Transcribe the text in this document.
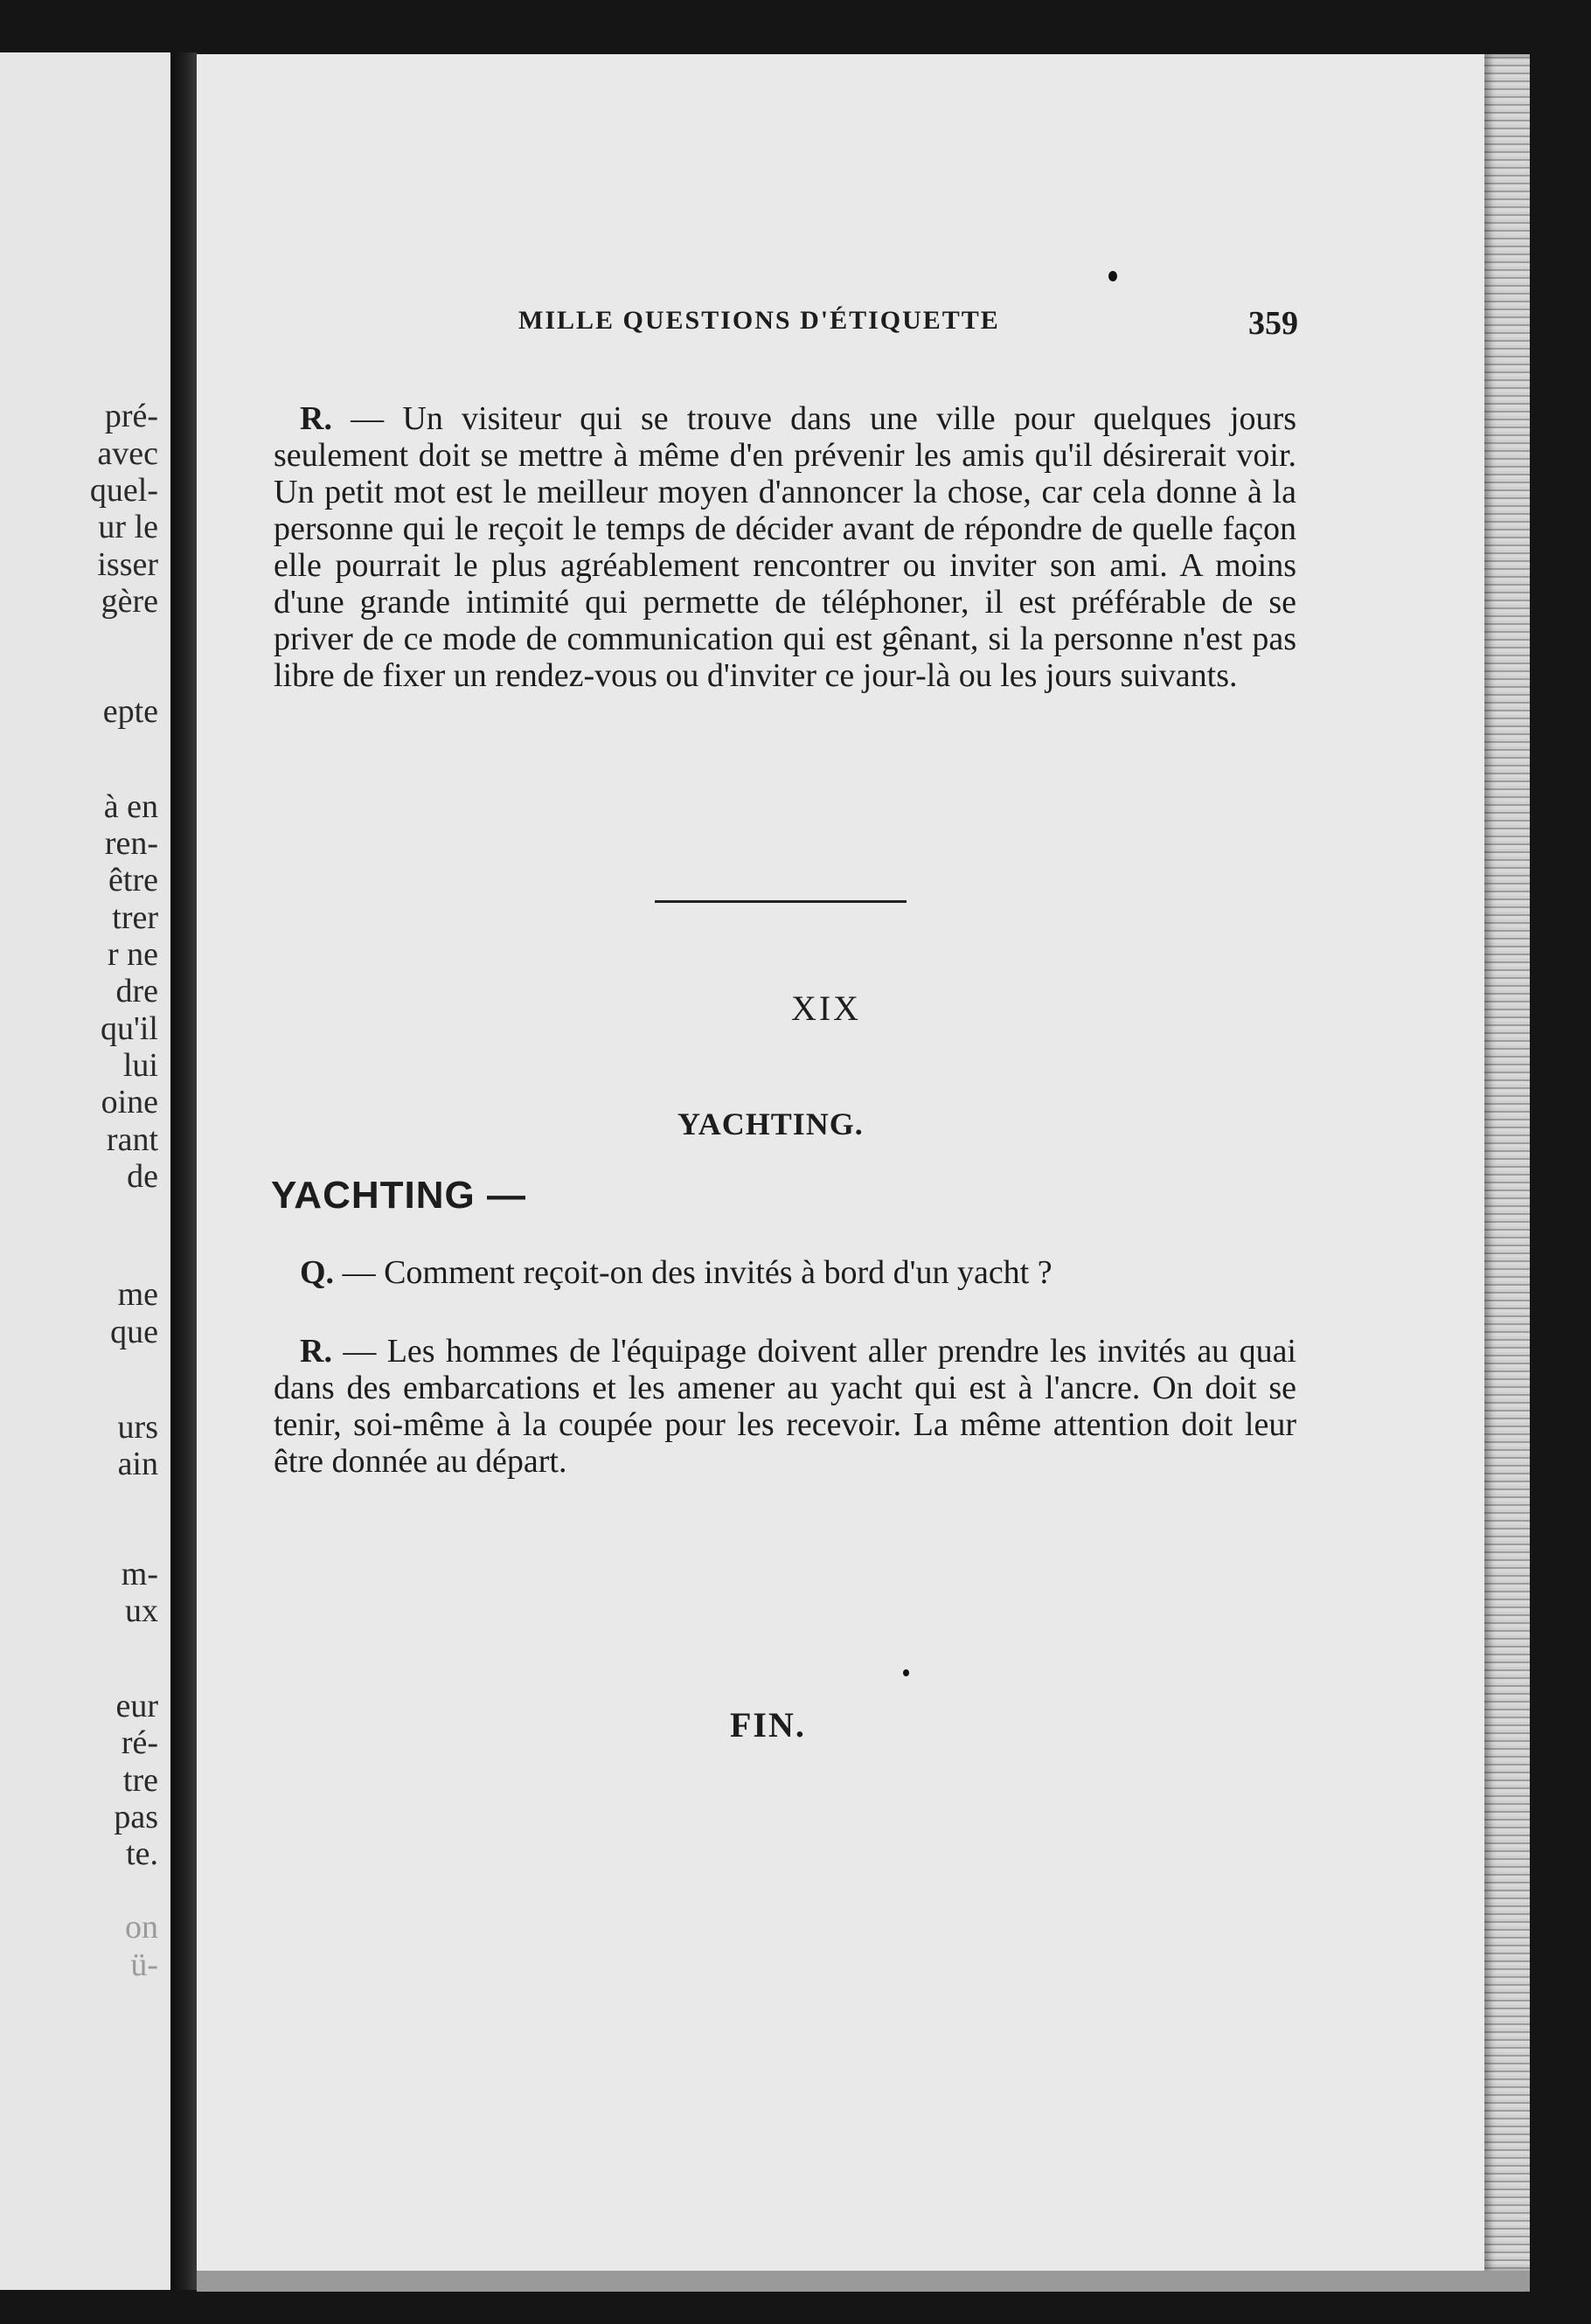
pré-
avec
quel-
ur le
isser
gère
epte
à en
ren-
être
trer
r ne
dre
qu'il
lui
oine
rant
de
me
que
urs
ain
m-
ux
eur
ré-
tre
pas
te.
on
ü-
MILLE QUESTIONS D'ÉTIQUETTE	359
R. — Un visiteur qui se trouve dans une ville pour quelques jours seulement doit se mettre à même d'en prévenir les amis qu'il désirerait voir. Un petit mot est le meilleur moyen d'annoncer la chose, car cela donne à la personne qui le reçoit le temps de décider avant de répondre de quelle façon elle pourrait le plus agréablement rencontrer ou inviter son ami. A moins d'une grande intimité qui permette de téléphoner, il est préférable de se priver de ce mode de communication qui est gênant, si la personne n'est pas libre de fixer un rendez-vous ou d'inviter ce jour-là ou les jours suivants.
XIX
YACHTING.
YACHTING —
Q. — Comment reçoit-on des invités à bord d'un yacht ?
R. — Les hommes de l'équipage doivent aller prendre les invités au quai dans des embarcations et les amener au yacht qui est à l'ancre. On doit se tenir, soi-même à la coupée pour les recevoir. La même attention doit leur être donnée au départ.
FIN.
